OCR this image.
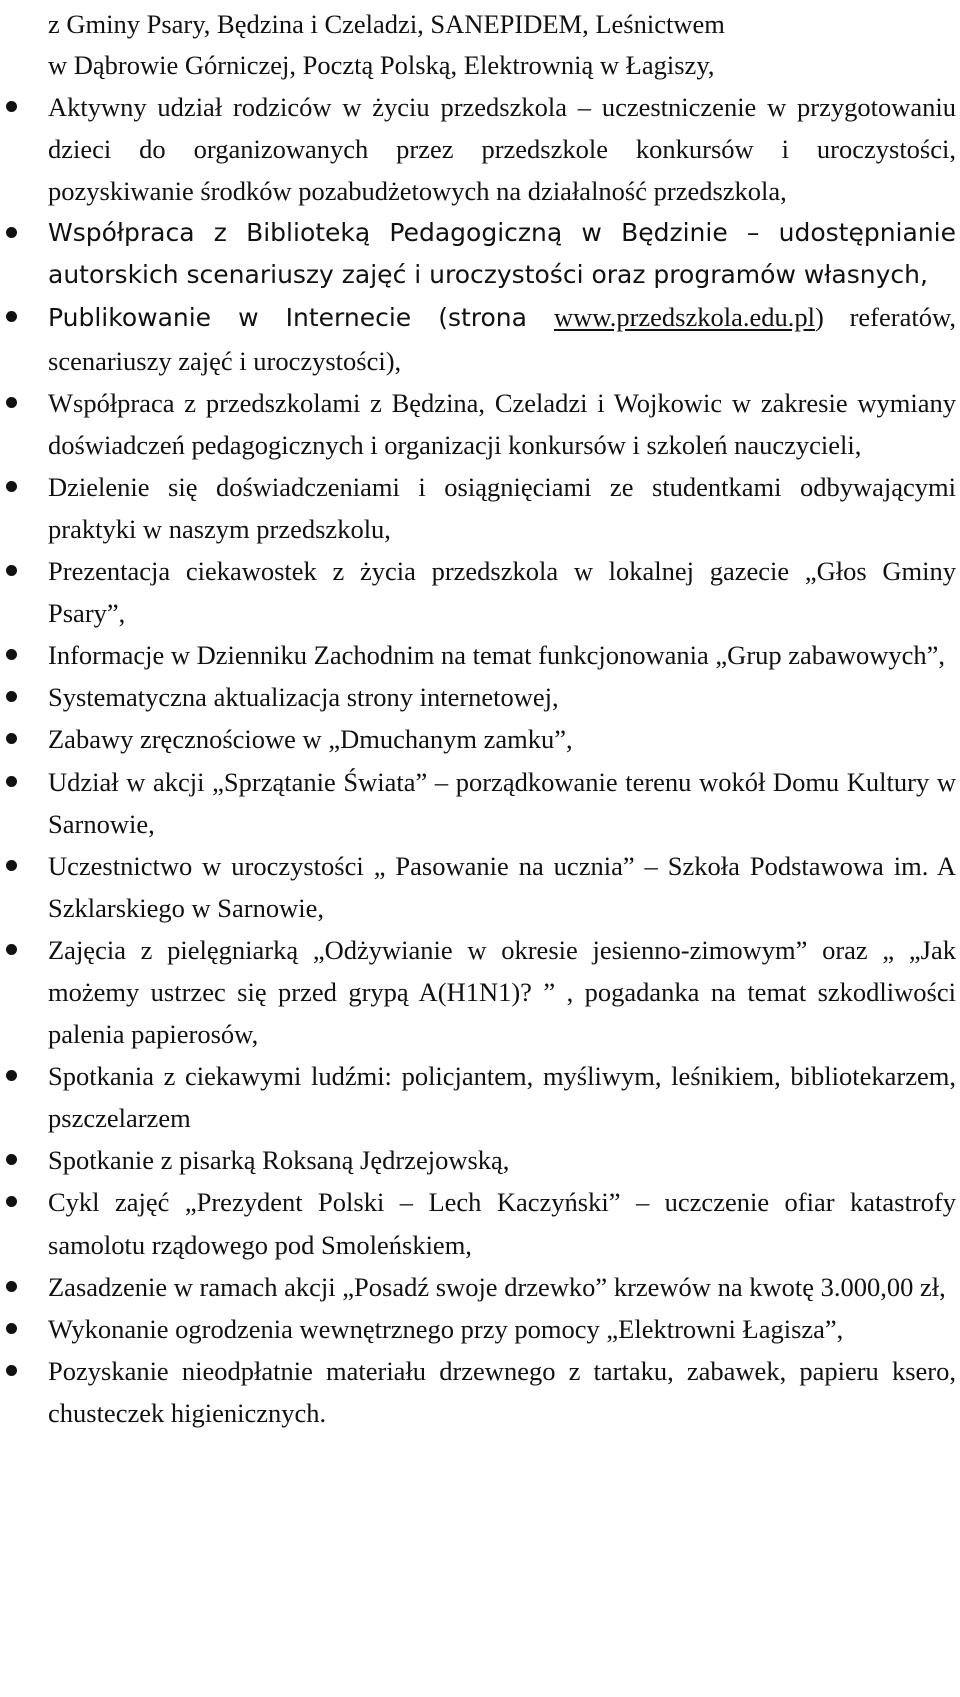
z Gminy Psary, Będzina i Czeladzi, SANEPIDEM, Leśnictwem
w Dąbrowie Górniczej, Pocztą Polską, Elektrownią w Łagiszy,

Aktywny udział rodziców w życiu przedszkola – uczestniczenie w przygotowaniu dzieci do organizowanych przez przedszkole konkursów i uroczystości, pozyskiwanie środków pozabudżetowych na działalność przedszkola,
Współpraca z Biblioteką Pedagogiczną w Będzinie – udostępnianie autorskich scenariuszy zajęć i uroczystości oraz programów własnych,
Publikowanie w Internecie (strona www.przedszkola.edu.pl) referatów, scenariuszy zajęć i uroczystości),
Współpraca z przedszkolami z Będzina, Czeladzi i Wojkowic w zakresie wymiany doświadczeń pedagogicznych i organizacji konkursów i szkoleń nauczycieli,
Dzielenie się doświadczeniami i osiągnięciami ze studentkami odbywającymi praktyki w naszym przedszkolu,
Prezentacja ciekawostek z życia przedszkola w lokalnej gazecie „Głos Gminy Psary”,
Informacje w Dzienniku Zachodnim na temat funkcjonowania „Grup zabawowych”,
Systematyczna aktualizacja strony internetowej,
Zabawy zręcznościowe w „Dmuchanym zamku”,
Udział w akcji „Sprzątanie Świata” – porządkowanie terenu wokół Domu Kultury w Sarnowie,
Uczestnictwo w uroczystości „ Pasowanie na ucznia” – Szkoła Podstawowa im. A Szklarskiego w Sarnowie,
Zajęcia z pielęgniarką „Odżywianie w okresie jesienno-zimowym” oraz „ „Jak możemy ustrzec się przed grypą A(H1N1)? ” , pogadanka na temat szkodliwości palenia papierosów,
Spotkania z ciekawymi ludźmi: policjantem, myśliwym, leśnikiem, bibliotekarzem, pszczelarzem
Spotkanie z pisarką Roksaną Jędrzejowską,
Cykl zajęć „Prezydent Polski – Lech Kaczyński” – uczczenie ofiar katastrofy samolotu rządowego pod Smoleńskiem,
Zasadzenie w ramach akcji „Posadź swoje drzewko” krzewów na kwotę 3.000,00 zł,
Wykonanie ogrodzenia wewnętrznego przy pomocy „Elektrowni Łagisza”,
Pozyskanie nieodpłatnie materiału drzewnego z tartaku, zabawek, papieru ksero, chusteczek higienicznych.
